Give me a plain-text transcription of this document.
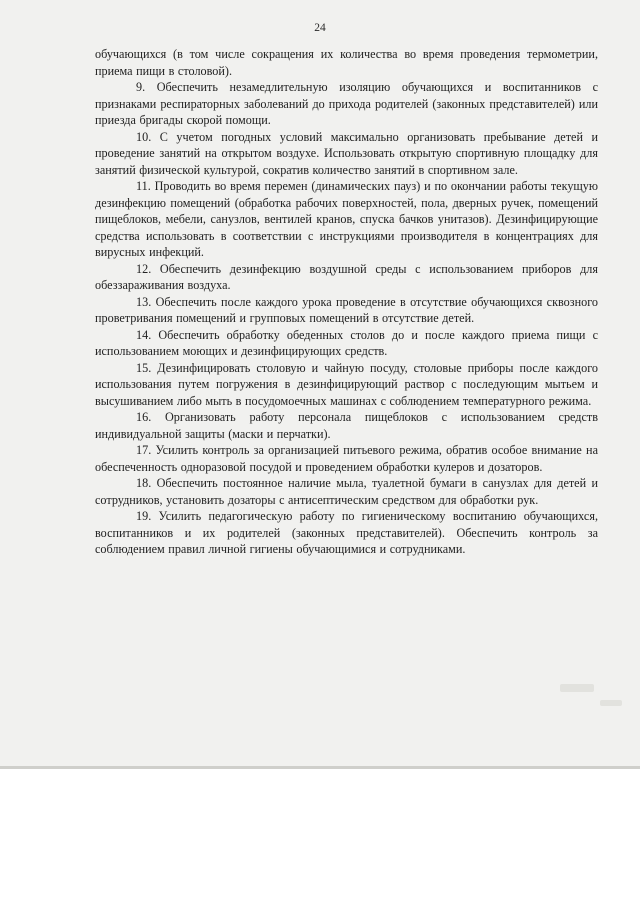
24

обучающихся (в том числе сокращения их количества во время проведения термометрии, приема пищи в столовой).

9. Обеспечить незамедлительную изоляцию обучающихся и воспитанников с признаками респираторных заболеваний до прихода родителей (законных представителей) или приезда бригады скорой помощи.

10. С учетом погодных условий максимально организовать пребывание детей и проведение занятий на открытом воздухе. Использовать открытую спортивную площадку для занятий физической культурой, сократив количество занятий в спортивном зале.

11. Проводить во время перемен (динамических пауз) и по окончании работы текущую дезинфекцию помещений (обработка рабочих поверхностей, пола, дверных ручек, помещений пищеблоков, мебели, санузлов, вентилей кранов, спуска бачков унитазов). Дезинфицирующие средства использовать в соответствии с инструкциями производителя в концентрациях для вирусных инфекций.

12. Обеспечить дезинфекцию воздушной среды с использованием приборов для обеззараживания воздуха.

13. Обеспечить после каждого урока проведение в отсутствие обучающихся сквозного проветривания помещений и групповых помещений в отсутствие детей.

14. Обеспечить обработку обеденных столов до и после каждого приема пищи с использованием моющих и дезинфицирующих средств.

15. Дезинфицировать столовую и чайную посуду, столовые приборы после каждого использования путем погружения в дезинфицирующий раствор с последующим мытьем и высушиванием либо мыть в посудомоечных машинах с соблюдением температурного режима.

16. Организовать работу персонала пищеблоков с использованием средств индивидуальной защиты (маски и перчатки).

17. Усилить контроль за организацией питьевого режима, обратив особое внимание на обеспеченность одноразовой посудой и проведением обработки кулеров и дозаторов.

18. Обеспечить постоянное наличие мыла, туалетной бумаги в санузлах для детей и сотрудников, установить дозаторы с антисептическим средством для обработки рук.

19. Усилить педагогическую работу по гигиеническому воспитанию обучающихся, воспитанников и их родителей (законных представителей). Обеспечить контроль за соблюдением правил личной гигиены обучающимися и сотрудниками.
